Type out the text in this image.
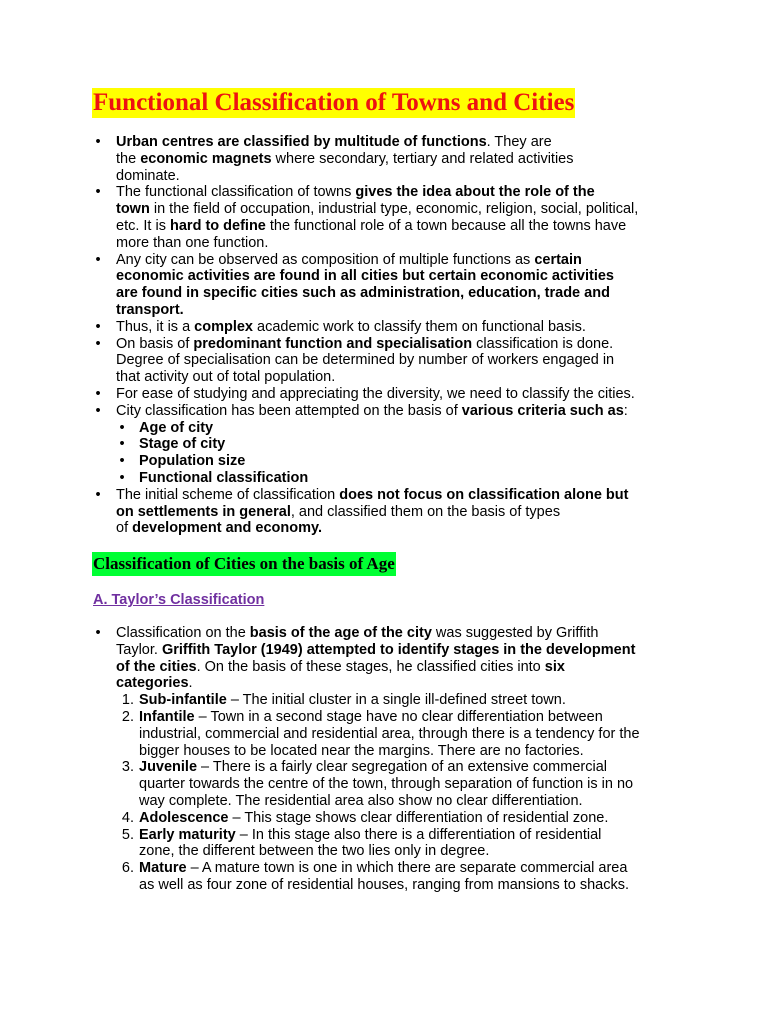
Functional Classification of Towns and Cities
• Urban centres are classified by multitude of functions. They are
the economic magnets where secondary, tertiary and related activities
dominate.
• The functional classification of towns gives the idea about the role of the
town in the field of occupation, industrial type, economic, religion, social, political,
etc. It is hard to define the functional role of a town because all the towns have
more than one function.
• Any city can be observed as composition of multiple functions as certain
economic activities are found in all cities but certain economic activities
are found in specific cities such as administration, education, trade and
transport.
• Thus, it is a complex academic work to classify them on functional basis.
• On basis of predominant function and specialisation classification is done.
Degree of specialisation can be determined by number of workers engaged in
that activity out of total population.
• For ease of studying and appreciating the diversity, we need to classify the cities.
• City classification has been attempted on the basis of various criteria such as:
• Age of city
• Stage of city
• Population size
• Functional classification
• The initial scheme of classification does not focus on classification alone but
on settlements in general, and classified them on the basis of types
of development and economy.
Classification of Cities on the basis of Age
A. Taylor’s Classification
• Classification on the basis of the age of the city was suggested by Griffith
Taylor. Griffith Taylor (1949) attempted to identify stages in the development
of the cities. On the basis of these stages, he classified cities into six
categories.
1. Sub-infantile – The initial cluster in a single ill-defined street town.
2. Infantile – Town in a second stage have no clear differentiation between
industrial, commercial and residential area, through there is a tendency for the
bigger houses to be located near the margins. There are no factories.
3. Juvenile – There is a fairly clear segregation of an extensive commercial
quarter towards the centre of the town, through separation of function is in no
way complete. The residential area also show no clear differentiation.
4. Adolescence – This stage shows clear differentiation of residential zone.
5. Early maturity – In this stage also there is a differentiation of residential
zone, the different between the two lies only in degree.
6. Mature – A mature town is one in which there are separate commercial area
as well as four zone of residential houses, ranging from mansions to shacks.
